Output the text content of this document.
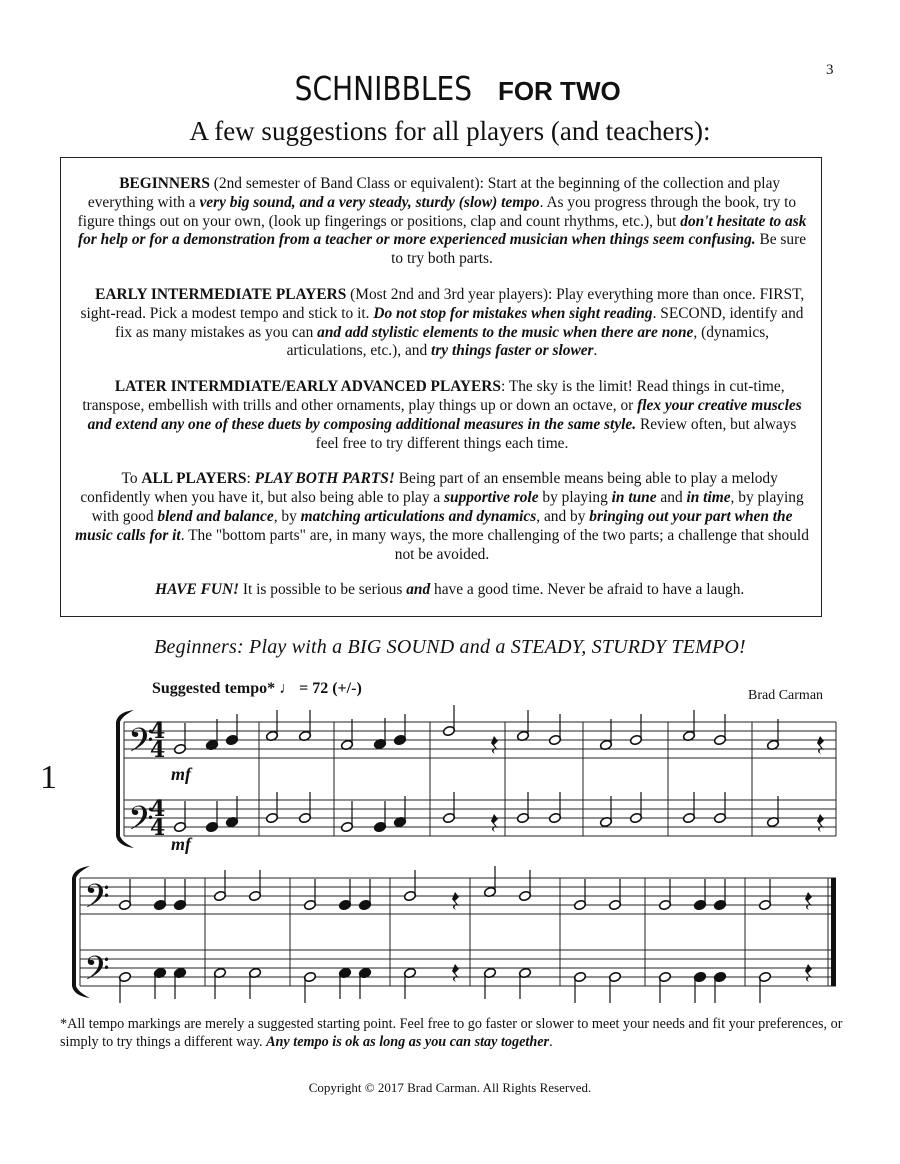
3
SCHNIBBLES FOR TWO
A few suggestions for all players (and teachers):

BEGINNERS (2nd semester of Band Class or equivalent): Start at the beginning of the collection and play everything with a very big sound, and a very steady, sturdy (slow) tempo. As you progress through the book, try to figure things out on your own, (look up fingerings or positions, clap and count rhythms, etc.), but don't hesitate to ask for help or for a demonstration from a teacher or more experienced musician when things seem confusing. Be sure to try both parts.

EARLY INTERMEDIATE PLAYERS (Most 2nd and 3rd year players): Play everything more than once. FIRST, sight-read. Pick a modest tempo and stick to it. Do not stop for mistakes when sight reading. SECOND, identify and fix as many mistakes as you can and add stylistic elements to the music when there are none, (dynamics, articulations, etc.), and try things faster or slower.

LATER INTERMDIATE/EARLY ADVANCED PLAYERS: The sky is the limit! Read things in cut-time, transpose, embellish with trills and other ornaments, play things up or down an octave, or flex your creative muscles and extend any one of these duets by composing additional measures in the same style. Review often, but always feel free to try different things each time.

To ALL PLAYERS: PLAY BOTH PARTS! Being part of an ensemble means being able to play a melody confidently when you have it, but also being able to play a supportive role by playing in tune and in time, by playing with good blend and balance, by matching articulations and dynamics, and by bringing out your part when the music calls for it. The "bottom parts" are, in many ways, the more challenging of the two parts; a challenge that should not be avoided.

HAVE FUN! It is possible to be serious and have a good time. Never be afraid to have a laugh.

Beginners: Play with a BIG SOUND and a STEADY, STURDY TEMPO!
Suggested tempo* ♩ = 72 (+/-)	Brad Carman
𝄢
𝄢
𝄢
𝄢
4
4
4
4
1	mf
mf
*All tempo markings are merely a suggested starting point. Feel free to go faster or slower to meet your needs and fit your preferences, or simply to try things a different way. Any tempo is ok as long as you can stay together.
Copyright © 2017 Brad Carman. All Rights Reserved.
